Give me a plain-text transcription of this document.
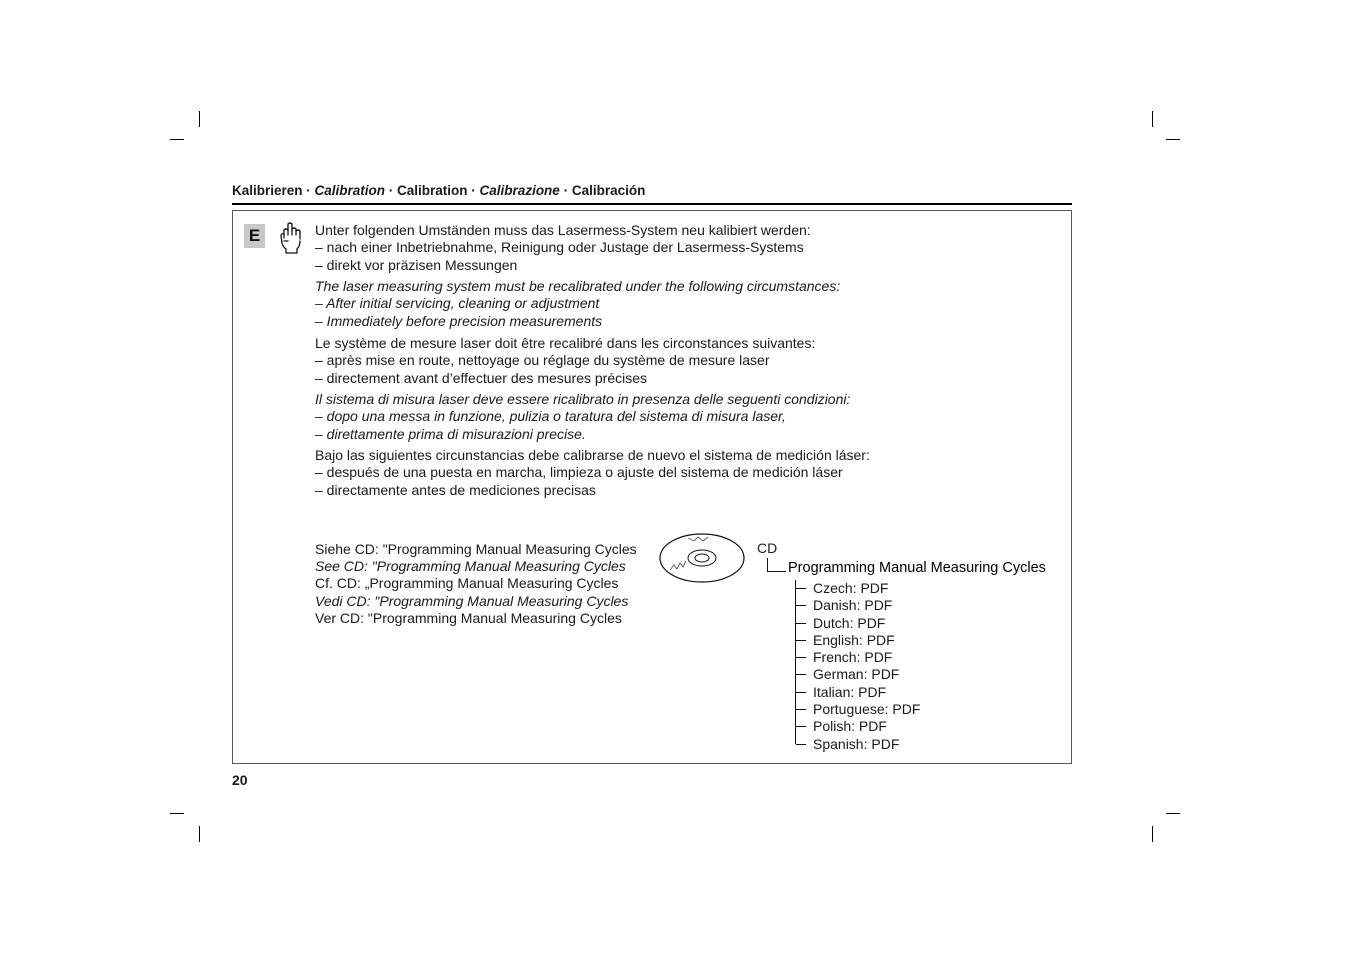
Kalibrieren · Calibration · Calibration · Calibrazione · Calibración
E	Unter folgenden Umständen muss das Lasermess-System neu kalibiert werden:
– nach einer Inbetriebnahme, Reinigung oder Justage der Lasermess-Systems
– direkt vor präzisen Messungen
The laser measuring system must be recalibrated under the following circumstances:
– After initial servicing, cleaning or adjustment
– Immediately before precision measurements
Le système de mesure laser doit être recalibré dans les circonstances suivantes:
– après mise en route, nettoyage ou réglage du système de mesure laser
– directement avant d’effectuer des mesures précises
Il sistema di misura laser deve essere ricalibrato in presenza delle seguenti condizioni:
– dopo una messa in funzione, pulizia o taratura del sistema di misura laser,
– direttamente prima di misurazioni precise.
Bajo las siguientes circunstancias debe calibrarse de nuevo el sistema de medición láser:
– después de una puesta en marcha, limpieza o ajuste del sistema de medición láser
– directamente antes de mediciones precisas
Siehe CD: "Programming Manual Measuring Cycles
See CD: "Programming Manual Measuring Cycles
Cf. CD: „Programming Manual Measuring Cycles
Vedi CD: "Programming Manual Measuring Cycles
Ver CD: "Programming Manual Measuring Cycles
CD
Programming Manual Measuring Cycles
Czech: PDF
Danish: PDF
Dutch: PDF
English: PDF
French: PDF
German: PDF
Italian: PDF
Portuguese: PDF
Polish: PDF
Spanish: PDF
20
